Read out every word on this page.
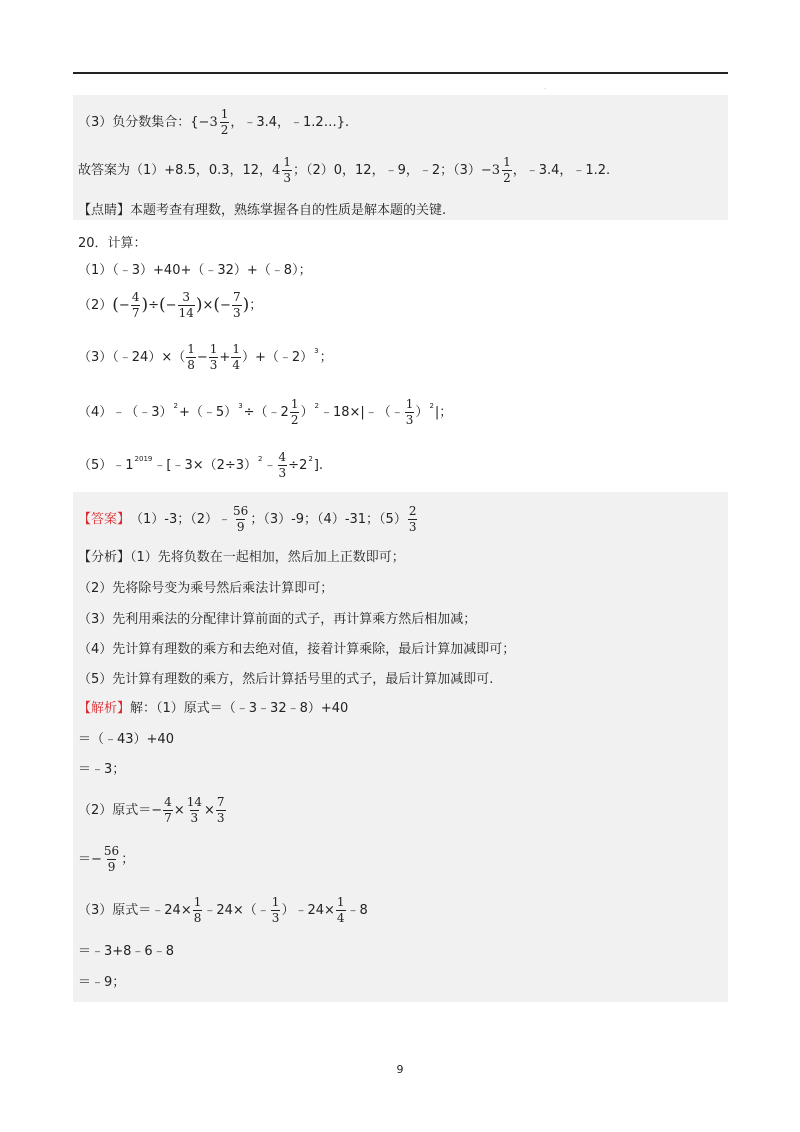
.
（3）负分数集合：{ $-3 \frac{1}{2}$ ，﹣3.4，﹣1.2…}.
故答案为（1）+8.5，0.3，12， $4 \frac{1}{3}$ ；（2）0，12，﹣9，﹣2；$(3) -3 \frac{1}{2}$ ，﹣3.4，﹣1.2.
【点睛】本题考查有理数，熟练掌握各自的性质是解本题的关键.
20．计算：
（1）（﹣3）+40+（﹣32）+（﹣8）；
（2） ( − $\frac{4}{7}$ ) ÷ ( − $\frac{3}{14}$ ) × ( − $\frac{7}{3}$ ) ；
（3）（﹣24）×（ $\frac{1}{8} - \frac{1}{3} + \frac{1}{4}$ ）+（﹣2） 3 ；
（4）﹣（﹣3） 2 +（﹣5） 3 ÷（﹣2 $\frac{1}{2}$ ） 2 ﹣18×|﹣（﹣ $\frac{1}{3}$ ） 2 |；
（5）﹣1 2019 ﹣[﹣3×（2÷3） 2 ﹣ $\frac{4}{3} \div 2$ 2 ].
【答案】 （1）-3；（2）﹣ $\frac{56}{9}$ ；（3）-9；（4）-31；$(5) \frac{2}{3}$
【分析】（1）先将负数在一起相加，然后加上正数即可；
（2）先将除号变为乘号然后乘法计算即可；
（3）先利用乘法的分配律计算前面的式子，再计算乘方然后相加减；
（4）先计算有理数的乘方和去绝对值，接着计算乘除，最后计算加减即可；
（5）先计算有理数的乘方，然后计算括号里的式子，最后计算加减即可.
【解析】 解：（1）原式＝（﹣3﹣32﹣8）+40
＝（﹣43）+40
＝﹣3；
（2）原式＝− $\frac{4}{7} \times \frac{14}{3} \times \frac{7}{3}$
＝− $\frac{56}{9}$ ；
（3）原式＝﹣24× $\frac{1}{8}$ ﹣24×（﹣ $\frac{1}{3}$ ）﹣24× $\frac{1}{4}$ ﹣8
＝﹣3+8﹣6﹣8
＝﹣9；
9
